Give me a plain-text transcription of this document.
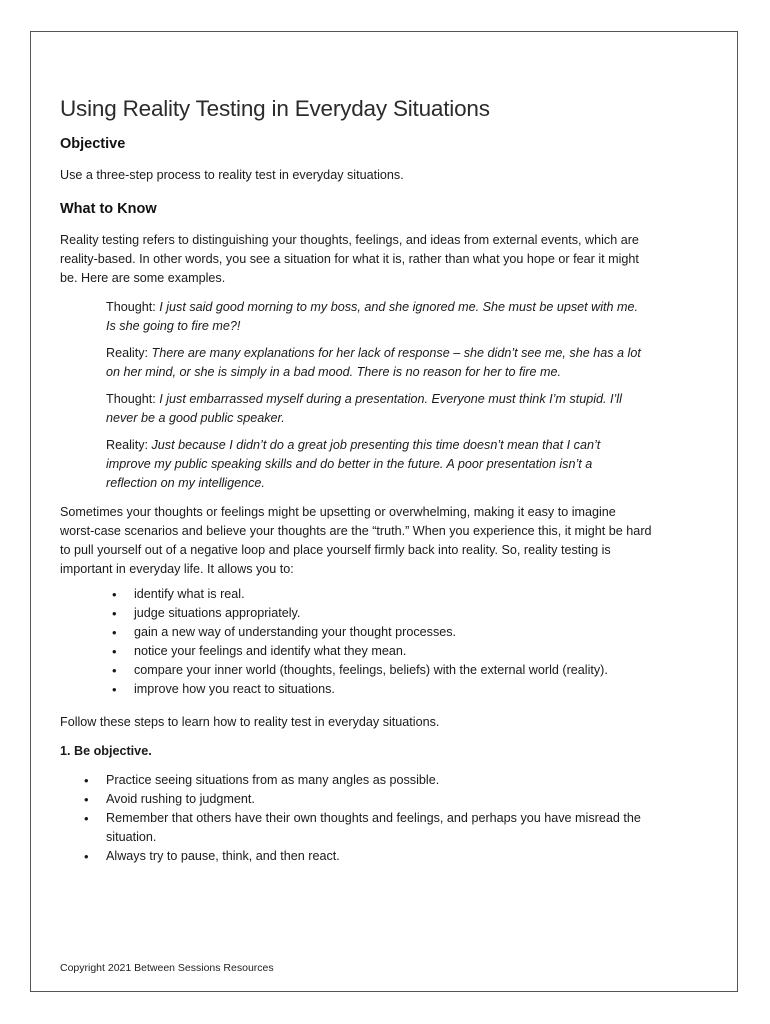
Using Reality Testing in Everyday Situations
Objective

Use a three-step process to reality test in everyday situations.

What to Know

Reality testing refers to distinguishing your thoughts, feelings, and ideas from external events, which are reality-based. In other words, you see a situation for what it is, rather than what you hope or fear it might be. Here are some examples.

Thought: I just said good morning to my boss, and she ignored me. She must be upset with me. Is she going to fire me?!

Reality: There are many explanations for her lack of response – she didn’t see me, she has a lot on her mind, or she is simply in a bad mood. There is no reason for her to fire me.

Thought: I just embarrassed myself during a presentation. Everyone must think I’m stupid. I’ll never be a good public speaker.

Reality: Just because I didn’t do a great job presenting this time doesn’t mean that I can’t improve my public speaking skills and do better in the future. A poor presentation isn’t a reflection on my intelligence.

Sometimes your thoughts or feelings might be upsetting or overwhelming, making it easy to imagine worst-case scenarios and believe your thoughts are the “truth.” When you experience this, it might be hard to pull yourself out of a negative loop and place yourself firmly back into reality. So, reality testing is important in everyday life. It allows you to:

• identify what is real.
• judge situations appropriately.
• gain a new way of understanding your thought processes.
• notice your feelings and identify what they mean.
• compare your inner world (thoughts, feelings, beliefs) with the external world (reality).
• improve how you react to situations.

Follow these steps to learn how to reality test in everyday situations.

1. Be objective.

• Practice seeing situations from as many angles as possible.
• Avoid rushing to judgment.
• Remember that others have their own thoughts and feelings, and perhaps you have misread the situation.
• Always try to pause, think, and then react.
Copyright 2021 Between Sessions Resources
